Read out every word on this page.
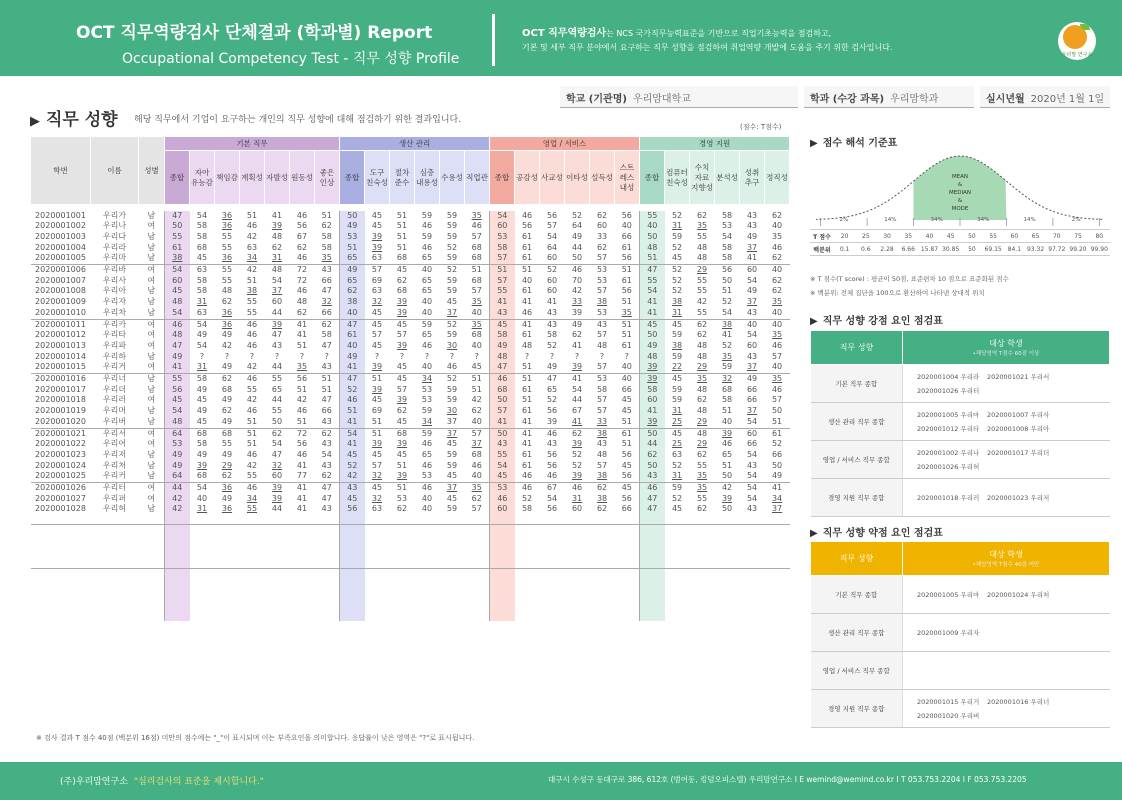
OCT 직무역량검사 단체결과 (학과별) Report
Occupational Competency Test - 직무 성향 Profile
OCT 직무역량검사는 NCS 국가직무능력표준을 기반으로 직업기초능력을 점검하고,
기본 및 세부 직무 분야에서 요구하는 직무 성향을 점검하여 취업역량 개발에 도움을 주기 위한 검사입니다.
우리맘 연구소
학교 (기관명) 우리맘대학교	학과 (수강 과목) 우리맘학과	실시년월 2020년 1월 1일
▶ 직무 성향 해당 직무에서 기업이 요구하는 개인의 직무 성향에 대해 점검하기 위한 결과입니다.
(점수: T점수)
학번	이름	성별	기본 직무							생산 관리						영업 / 서비스						경영 지원					
			종합	자아
유능감	책임감	계획성	자발성	원동성	좋은
인상	종합	도구
친숙성	절차
준수	심층
내용성	수용성	직업관	종합	공감성	사교성	이타성	설득성	스트
레스
내성	종합	컴퓨터
친숙성	수치
자료
지향성	분석성	성취
추구	정직성

2020001001	우리가	남	47	54	36	51	41	46	51	50	45	51	59	59	35	54	46	56	52	62	56	55	52	62	58	43	62
2020001002	우리나	여	50	58	36	46	39	56	62	49	45	51	46	59	46	60	56	57	64	60	40	40	31	35	53	43	40
2020001003	우리다	남	55	58	55	42	48	67	58	53	39	51	59	59	57	53	61	54	49	33	66	50	59	55	54	49	35
2020001004	우리라	남	61	68	55	63	62	62	58	51	39	51	46	52	68	58	61	64	44	62	61	48	52	48	58	37	46
2020001005	우리마	남	38	45	36	34	31	46	35	65	63	68	65	59	68	57	61	60	50	57	56	51	45	48	58	41	62
2020001006	우리바	여	54	63	55	42	48	72	43	49	57	45	40	52	51	51	51	52	46	53	51	47	52	29	56	60	40
2020001007	우리사	여	60	58	55	51	54	72	66	65	69	62	65	59	68	57	40	60	70	53	61	55	52	55	50	54	62
2020001008	우리아	남	45	58	48	38	37	46	47	62	63	68	65	59	57	55	61	60	42	57	56	54	52	55	51	49	62
2020001009	우리자	남	48	31	62	55	60	48	32	38	32	39	40	45	35	41	41	41	33	38	51	41	38	42	52	37	35
2020001010	우리차	남	54	63	36	55	44	62	66	40	45	39	40	37	40	43	46	43	39	53	35	41	31	55	54	43	40
2020001011	우리카	여	46	54	36	46	39	41	62	47	45	45	59	52	35	45	41	43	49	43	51	45	45	62	38	40	40
2020001012	우리타	여	48	49	49	46	47	41	58	61	57	57	65	59	68	58	61	58	62	57	51	50	59	62	41	54	35
2020001013	우리파	여	47	54	42	46	43	51	47	40	45	39	46	30	40	49	48	52	41	48	61	49	38	48	52	60	46
2020001014	우리하	남	49	?	?	?	?	?	?	49	?	?	?	?	?	48	?	?	?	?	?	48	59	48	35	43	57
2020001015	우리거	여	41	31	49	42	44	35	43	41	39	45	40	46	45	47	51	49	39	57	40	39	22	29	59	37	40
2020001016	우리너	남	55	58	62	46	55	56	51	47	51	45	34	52	51	46	51	47	41	53	40	39	45	35	32	49	35
2020001017	우리더	남	56	49	68	55	65	51	51	52	39	57	53	59	51	68	61	65	54	58	66	58	59	48	68	66	46
2020001018	우리러	여	45	45	49	42	44	42	47	46	45	39	53	59	42	50	51	52	44	57	45	60	59	62	58	66	57
2020001019	우리머	남	54	49	62	46	55	46	66	51	69	62	59	30	62	57	61	56	67	57	45	41	31	48	51	37	50
2020001020	우리버	남	48	45	49	51	50	51	43	41	51	45	34	37	40	41	41	39	41	33	51	39	25	29	40	54	51
2020001021	우리서	여	64	68	68	51	62	72	62	54	51	68	59	37	57	50	41	46	62	38	61	50	45	48	39	60	61
2020001022	우리어	여	53	58	55	51	54	56	43	41	39	39	46	45	37	43	41	43	39	43	51	44	25	29	46	66	52
2020001023	우리저	남	49	49	49	46	47	46	54	45	45	45	65	59	68	55	61	56	52	48	56	62	63	62	65	54	66
2020001024	우리처	남	49	39	29	42	32	41	43	52	57	51	46	59	46	54	61	56	52	57	45	50	52	55	51	43	50
2020001025	우리커	남	64	68	62	55	60	77	62	42	32	39	53	45	40	45	46	46	39	38	56	43	31	35	50	54	49
2020001026	우리터	여	44	54	36	46	39	41	47	43	45	51	46	37	35	53	46	67	46	62	45	46	59	35	42	54	41
2020001027	우리퍼	여	42	40	49	34	39	41	47	45	32	53	40	45	62	46	52	54	31	38	56	47	52	55	39	54	34
2020001028	우리허	남	42	31	36	55	44	41	43	56	63	62	40	59	57	60	58	56	60	62	66	47	45	62	50	43	37

▶ 점수 해석 기준표
MEAN
&
MEDIAN
&
MODE
2%	14%	34%	34%	14%	2%
T 점수	20	25	30	35	40	45	50	55	60	65	70	75	80
백분위	0.1	0.6	2.28	6.66	15.87	30.85	50	69.15	84.1	93.32	97.72	99.20	99.90
※ T 점수(T score) : 평균이 50점, 표준편차 10 점으로 표준화된 점수
※ 백분위: 전체 집단을 100으로 환산하여 나타낸 상대적 위치
▶ 직무 성향 강점 요인 점검표
직무 성향	대상 학생
•해당영역 T점수 60점 이상

기본 직무 종합	2020001004 우리라 2020001021 우리서
2020001026 우리터
생산 관리 직무 종합	2020001005 우리마 2020001007 우리사
2020001012 우리타 2020001008 우리아

영업 / 서비스 직무 종합	2020001002 우리나 2020001017 우리더
2020001026 우리허
경영 지원 직무 종합	2020001018 우리러 2020001023 우리저

▶ 직무 성향 약점 요인 점검표
직무 성향	대상 학생
•해당영역 T점수 40점 미만

기본 직무 종합	2020001005 우리마 2020001024 우리처

생산 관리 직무 종합	2020001009 우리자
영업 / 서비스 직무 종합	
경영 지원 직무 종합	2020001015 우리거 2020001016 우리너
2020001020 우리버
※ 검사 결과 T 점수 40점 (백분위 16점) 미만의 점수에는 "_"이 표시되며 이는 부족요인을 의미합니다. 응답률이 낮은 영역은 "?"로 표시됩니다.
(주)우리맘연구소 "심리검사의 표준을 제시합니다."	대구시 수성구 동대구로 386, 612호 (범어동, 킹덤오피스텔) 우리맘연구소 I E wemind@wemind.co.kr I T 053.753.2204 I F 053.753.2205
